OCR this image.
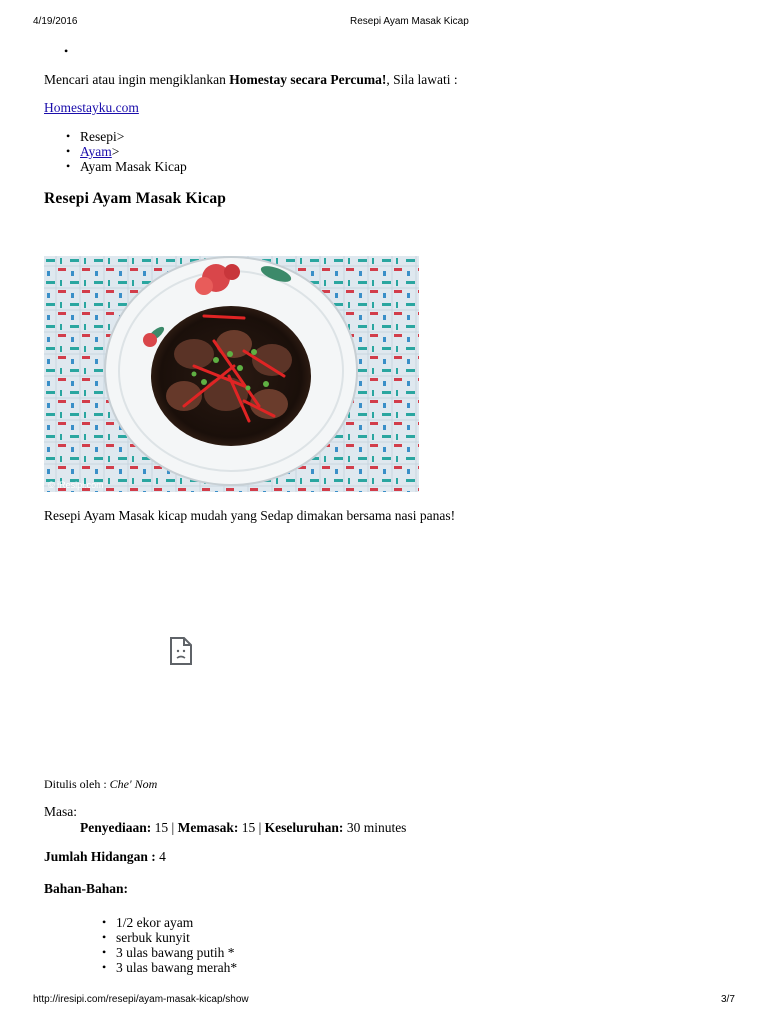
4/19/2016	Resepi Ayam Masak Kicap
•
Mencari atau ingin mengiklankan Homestay secara Percuma!, Sila lawati :
Homestayku.com
• Resepi>
• Ayam>
• Ayam Masak Kicap
Resepi Ayam Masak Kicap
© iResipi.com
Resepi Ayam Masak kicap mudah yang Sedap dimakan bersama nasi panas!
Ditulis oleh : Che' Nom
Masa:
Penyediaan: 15 | Memasak: 15 | Keseluruhan: 30 minutes
Jumlah Hidangan : 4
Bahan-Bahan:
• 1/2 ekor ayam
• serbuk kunyit
• 3 ulas bawang putih *
• 3 ulas bawang merah*
http://iresipi.com/resepi/ayam-masak-kicap/show	3/7
